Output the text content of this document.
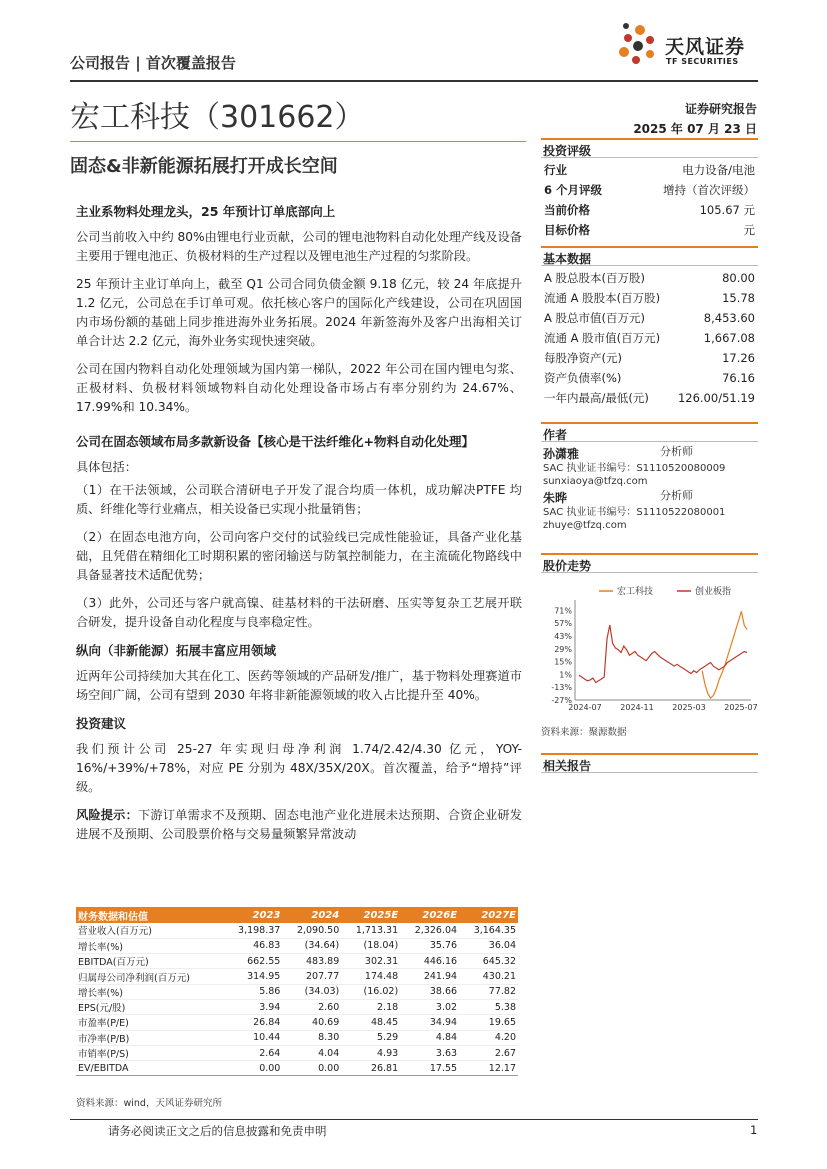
公司报告 | 首次覆盖报告
天风证券
TF SECURITIES
宏工科技（301662）	证券研究报告
2025 年 07 月 23 日
固态&非新能源拓展打开成长空间
主业系物料处理龙头，25 年预计订单底部向上

公司当前收入中约 80%由锂电行业贡献，公司的锂电池物料自动化处理产线及设备主要用于锂电池正、负极材料的生产过程以及锂电池生产过程的匀浆阶段。

25 年预计主业订单向上，截至 Q1 公司合同负债金额 9.18 亿元，较 24 年底提升 1.2 亿元，公司总在手订单可观。依托核心客户的国际化产线建设，公司在巩固国内市场份额的基础上同步推进海外业务拓展。2024 年新签海外及客户出海相关订单合计达 2.2 亿元，海外业务实现快速突破。

公司在国内物料自动化处理领域为国内第一梯队，2022 年公司在国内锂电匀浆、正极材料、负极材料领域物料自动化处理设备市场占有率分别约为 24.67%、17.99%和 10.34%。

公司在固态领域布局多款新设备【核心是干法纤维化+物料自动化处理】

具体包括：

（1）在干法领域，公司联合清研电子开发了混合均质一体机，成功解决PTFE 均质、纤维化等行业痛点，相关设备已实现小批量销售；

（2）在固态电池方向，公司向客户交付的试验线已完成性能验证，具备产业化基础，且凭借在精细化工时期积累的密闭输送与防氧控制能力，在主流硫化物路线中具备显著技术适配优势；

（3）此外，公司还与客户就高镍、硅基材料的干法研磨、压实等复杂工艺展开联合研发，提升设备自动化程度与良率稳定性。

纵向（非新能源）拓展丰富应用领域

近两年公司持续加大其在化工、医药等领域的产品研发/推广，基于物料处理赛道市场空间广阔，公司有望到 2030 年将非新能源领域的收入占比提升至 40%。

投资建议

我们预计公司 25-27 年实现归母净利润 1.74/2.42/4.30 亿元，YOY-16%/+39%/+78%，对应 PE 分别为 48X/35X/20X。首次覆盖，给予“增持”评级。

风险提示：下游订单需求不及预期、固态电池产业化进展未达预期、合资企业研发进展不及预期、公司股票价格与交易量频繁异常波动

投资评级
行业	电力设备/电池
6 个月评级	增持（首次评级）
当前价格	105.67 元
目标价格	元
基本数据
A 股总股本(百万股)	80.00
流通 A 股股本(百万股)	15.78
A 股总市值(百万元)	8,453.60
流通 A 股市值(百万元)	1,667.08
每股净资产(元)	17.26
资产负债率(%)	76.16
一年内最高/最低(元)	126.00/51.19
作者
孙潇雅	分析师
SAC 执业证书编号：S1110520080009
sunxiaoya@tfzq.com
朱晔	分析师
SAC 执业证书编号：S1110522080001
zhuye@tfzq.com
股价走势
-27%
-13%
1%
15%
29%
43%
57%
71%
2024-07 2024-11 2025-03 2025-07
宏工科技	创业板指
资料来源：聚源数据
相关报告
财务数据和估值	2023	2024	2025E	2026E	2027E
营业收入(百万元)	3,198.37	2,090.50	1,713.31	2,326.04	3,164.35
增长率(%)	46.83	(34.64)	(18.04)	35.76	36.04
EBITDA(百万元)	662.55	483.89	302.31	446.16	645.32
归属母公司净利润(百万元)	314.95	207.77	174.48	241.94	430.21
增长率(%)	5.86	(34.03)	(16.02)	38.66	77.82
EPS(元/股)	3.94	2.60	2.18	3.02	5.38
市盈率(P/E)	26.84	40.69	48.45	34.94	19.65
市净率(P/B)	10.44	8.30	5.29	4.84	4.20
市销率(P/S)	2.64	4.04	4.93	3.63	2.67
EV/EBITDA	0.00	0.00	26.81	17.55	12.17
资料来源：wind，天风证券研究所
请务必阅读正文之后的信息披露和免责申明	1
